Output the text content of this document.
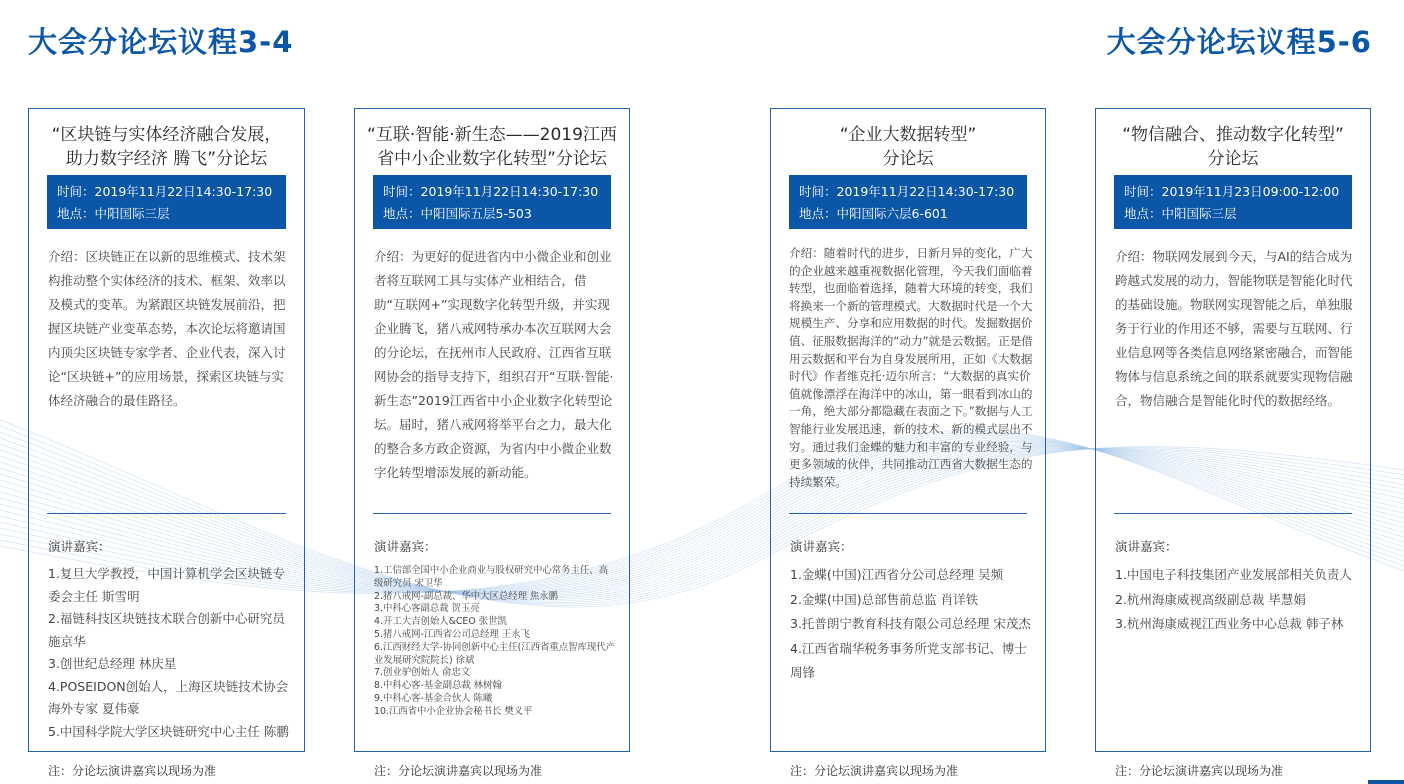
大会分论坛议程3-4	大会分论坛议程5-6
“区块链与实体经济融合发展，
助力数字经济 腾飞”分论坛
时间：2019年11月22日14:30-17:30
地点：中阳国际三层

介绍：区块链正在以新的思维模式、技术架构推动整个实体经济的技术、框架、效率以及模式的变革。为紧跟区块链发展前沿，把握区块链产业变革态势，本次论坛将邀请国内顶尖区块链专家学者、企业代表，深入讨论“区块链+”的应用场景，探索区块链与实体经济融合的最佳路径。

演讲嘉宾：
1.复旦大学教授，中国计算机学会区块链专委会主任 斯雪明
2.福链科技区块链技术联合创新中心研究员 施京华
3.创世纪总经理 林庆星
4.POSEIDON创始人，上海区块链技术协会海外专家 夏伟豪
5.中国科学院大学区块链研究中心主任 陈鹏
注：分论坛演讲嘉宾以现场为准
“互联·智能·新生态——2019江西
省中小企业数字化转型”分论坛
时间：2019年11月22日14:30-17:30
地点：中阳国际五层5-503

介绍：为更好的促进省内中小微企业和创业者将互联网工具与实体产业相结合，借助“互联网+”实现数字化转型升级，并实现企业腾飞，猪八戒网特承办本次互联网大会的分论坛，在抚州市人民政府、江西省互联网协会的指导支持下，组织召开“互联·智能·新生态”2019江西省中小企业数字化转型论坛。届时，猪八戒网将举平台之力，最大化的整合多方政企资源，为省内中小微企业数字化转型增添发展的新动能。

演讲嘉宾：
1.工信部全国中小企业商业与股权研究中心常务主任、高级研究员 宋卫华
2.猪八戒网-副总裁、华中大区总经理 焦永鹏
3.中科心客副总裁 贺玉亮
4.开工大吉创始人&CEO 张世凯
5.猪八戒网-江西省公司总经理 王永飞
6.江西财经大学-协同创新中心主任(江西省重点智库现代产业发展研究院院长) 徐斌
7.创业驴创始人 俞忠文
8.中科心客-基金副总裁 林树翰
9.中科心客-基金合伙人 陈曦
10.江西省中小企业协会秘书长 樊义平
注：分论坛演讲嘉宾以现场为准
“企业大数据转型”
分论坛
时间：2019年11月22日14:30-17:30
地点：中阳国际六层6-601

介绍：随着时代的进步，日新月异的变化，广大的企业越来越重视数据化管理，今天我们面临着转型，也面临着选择，随着大环境的转变，我们将换来一个新的管理模式。大数据时代是一个大规模生产、分享和应用数据的时代。发掘数据价值、征服数据海洋的“动力”就是云数据。正是借用云数据和平台为自身发展所用，正如《大数据时代》作者维克托·迈尔所言：“大数据的真实价值就像漂浮在海洋中的冰山，第一眼看到冰山的一角，绝大部分都隐藏在表面之下。”数据与人工智能行业发展迅速，新的技术、新的模式层出不穷。通过我们金蝶的魅力和丰富的专业经验，与更多领域的伙伴，共同推动江西省大数据生态的持续繁荣。

演讲嘉宾：
1.金蝶(中国)江西省分公司总经理 吴频
2.金蝶(中国)总部售前总监 肖详铁
3.托普朗宁教育科技有限公司总经理 宋茂杰
4.江西省瑞华税务事务所党支部书记、博士周锋
注：分论坛演讲嘉宾以现场为准
“物信融合、推动数字化转型”
分论坛
时间：2019年11月23日09:00-12:00
地点：中阳国际三层

介绍：物联网发展到今天，与AI的结合成为跨越式发展的动力，智能物联是智能化时代的基础设施。物联网实现智能之后，单独服务于行业的作用还不够，需要与互联网、行业信息网等各类信息网络紧密融合，而智能物体与信息系统之间的联系就要实现物信融合，物信融合是智能化时代的数据经络。

演讲嘉宾：
1.中国电子科技集团产业发展部相关负责人
2.杭州海康威视高级副总裁 毕慧娟
3.杭州海康威视江西业务中心总裁 韩子林
注：分论坛演讲嘉宾以现场为准
